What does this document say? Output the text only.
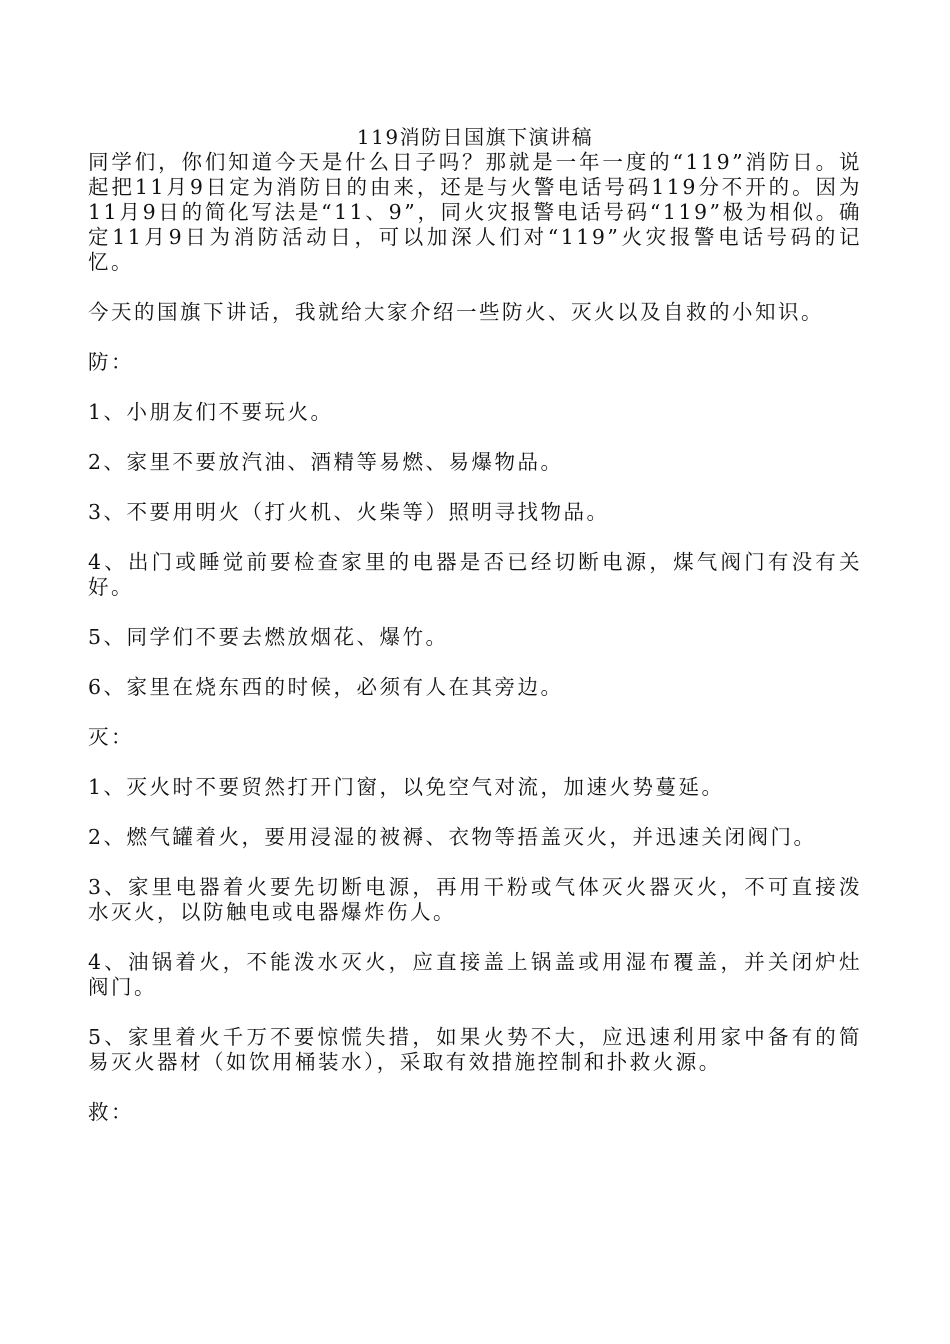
119消防日国旗下演讲稿

同学们，你们知道今天是什么日子吗？那就是一年一度的“119”消防日。说起把11月9日定为消防日的由来，还是与火警电话号码119分不开的。因为11月9日的简化写法是“11、9”，同火灾报警电话号码“119”极为相似。确定11月9日为消防活动日，可以加深人们对“119”火灾报警电话号码的记忆。

今天的国旗下讲话，我就给大家介绍一些防火、灭火以及自救的小知识。

防：

1、小朋友们不要玩火。

2、家里不要放汽油、酒精等易燃、易爆物品。

3、不要用明火（打火机、火柴等）照明寻找物品。

4、出门或睡觉前要检查家里的电器是否已经切断电源，煤气阀门有没有关好。

5、同学们不要去燃放烟花、爆竹。

6、家里在烧东西的时候，必须有人在其旁边。

灭：

1、灭火时不要贸然打开门窗，以免空气对流，加速火势蔓延。

2、燃气罐着火，要用浸湿的被褥、衣物等捂盖灭火，并迅速关闭阀门。

3、家里电器着火要先切断电源，再用干粉或气体灭火器灭火，不可直接泼水灭火，以防触电或电器爆炸伤人。

4、油锅着火，不能泼水灭火，应直接盖上锅盖或用湿布覆盖，并关闭炉灶阀门。

5、家里着火千万不要惊慌失措，如果火势不大，应迅速利用家中备有的简易灭火器材（如饮用桶装水），采取有效措施控制和扑救火源。

救：
